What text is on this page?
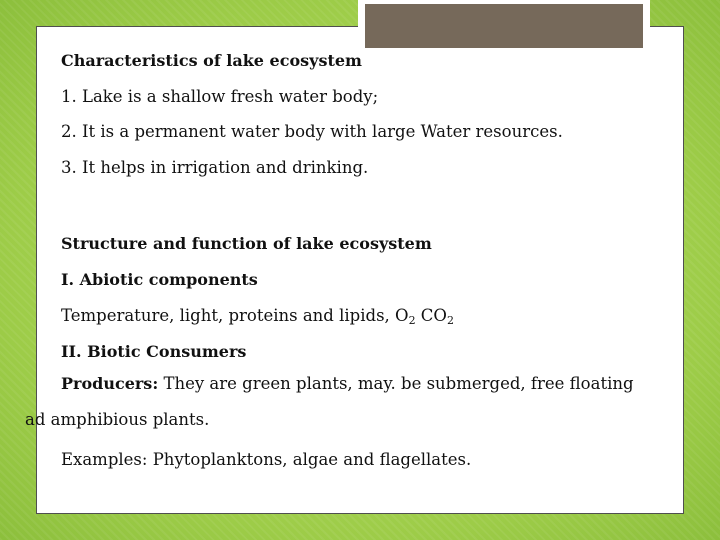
Characteristics of lake ecosystem
1. Lake is a shallow fresh water body;
2. It is a permanent water body with large Water resources.
3. It helps in irrigation and drinking.
Structure and function of lake ecosystem
I. Abiotic components
Temperature, light, proteins and lipids, $O_2$ $CO_2$
II. Biotic Consumers
Producers: They are green plants, may. be submerged, free floating
ad amphibious plants.
Examples: Phytoplanktons, algae and flagellates.
